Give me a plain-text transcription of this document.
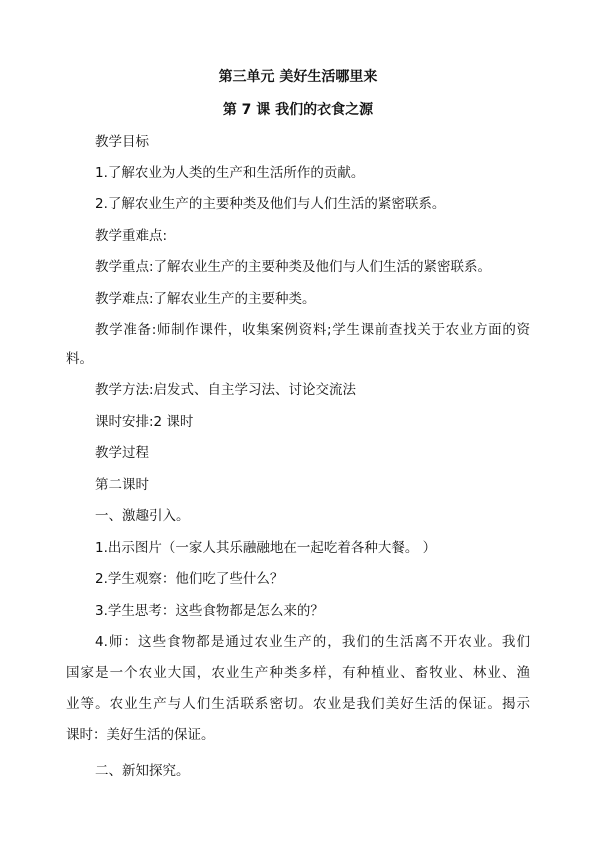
第三单元 美好生活哪里来
第 7 课 我们的衣食之源
教学目标
1.了解农业为人类的生产和生活所作的贡献。
2.了解农业生产的主要种类及他们与人们生活的紧密联系。
教学重难点:
教学重点:了解农业生产的主要种类及他们与人们生活的紧密联系。
教学难点:了解农业生产的主要种类。
教学准备:师制作课件，收集案例资料;学生课前查找关于农业方面的资
料。
教学方法:启发式、自主学习法、讨论交流法
课时安排:2 课时
教学过程
第二课时
一、激趣引入。
1.出示图片（一家人其乐融融地在一起吃着各种大餐。 ）
2.学生观察：他们吃了些什么？
3.学生思考：这些食物都是怎么来的？
4.师：这些食物都是通过农业生产的，我们的生活离不开农业。我们
国家是一个农业大国，农业生产种类多样，有种植业、畜牧业、林业、渔
业等。农业生产与人们生活联系密切。农业是我们美好生活的保证。揭示
课时：美好生活的保证。
二、新知探究。
